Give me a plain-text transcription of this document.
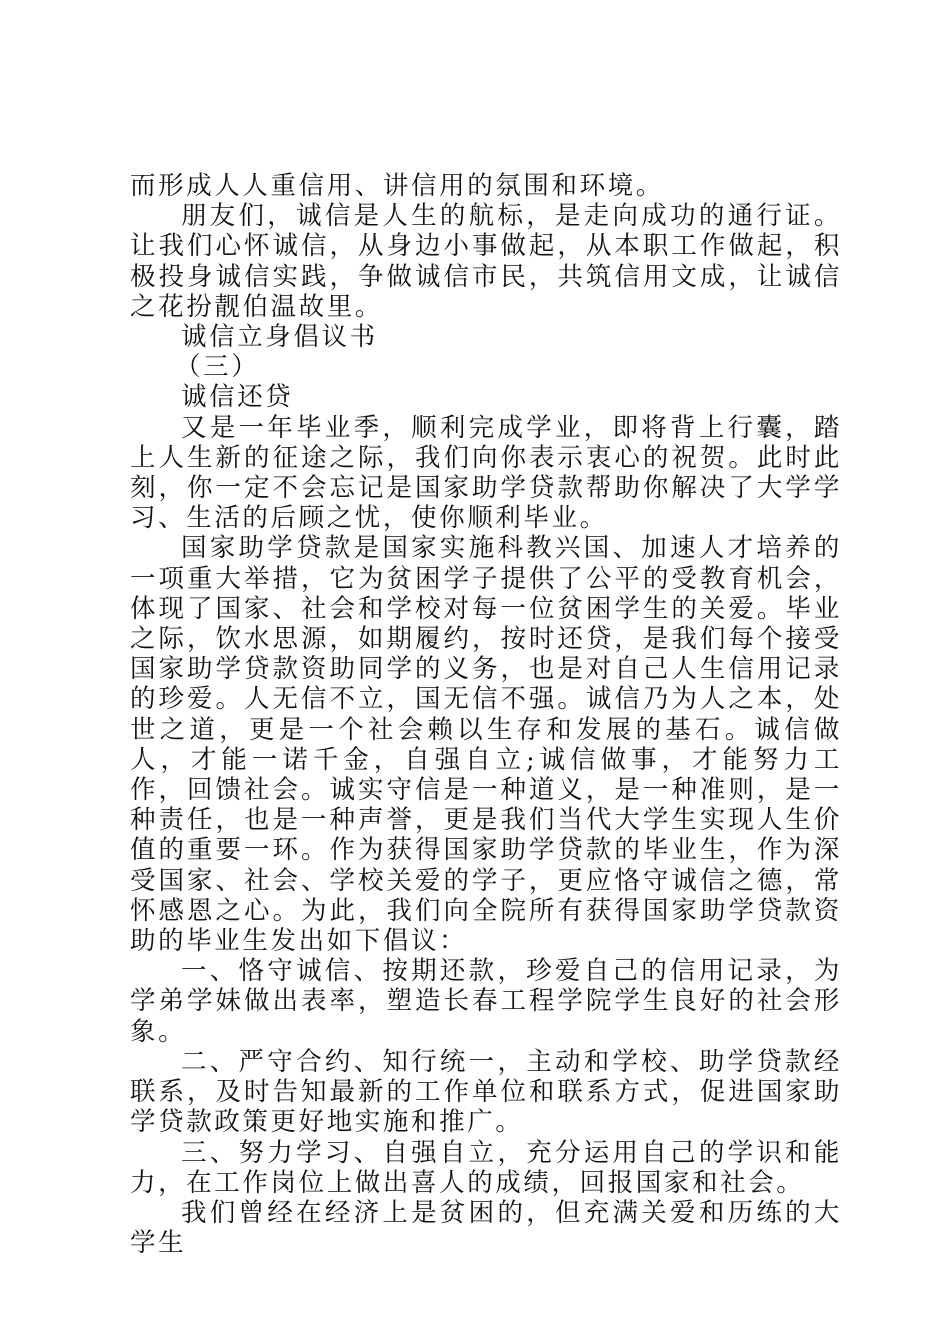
而形成人人重信用、讲信用的氛围和环境。

朋友们，诚信是人生的航标，是走向成功的通行证。让我们心怀诚信，从身边小事做起，从本职工作做起，积极投身诚信实践，争做诚信市民，共筑信用文成，让诚信之花扮靓伯温故里。

诚信立身倡议书

（三）

诚信还贷

又是一年毕业季，顺利完成学业，即将背上行囊，踏上人生新的征途之际，我们向你表示衷心的祝贺。此时此刻，你一定不会忘记是国家助学贷款帮助你解决了大学学习、生活的后顾之忧，使你顺利毕业。

国家助学贷款是国家实施科教兴国、加速人才培养的一项重大举措，它为贫困学子提供了公平的受教育机会，体现了国家、社会和学校对每一位贫困学生的关爱。毕业之际，饮水思源，如期履约，按时还贷，是我们每个接受国家助学贷款资助同学的义务，也是对自己人生信用记录的珍爱。人无信不立，国无信不强。诚信乃为人之本，处世之道，更是一个社会赖以生存和发展的基石。诚信做人，才能一诺千金，自强自立;诚信做事，才能努力工作，回馈社会。诚实守信是一种道义，是一种准则，是一种责任，也是一种声誉，更是我们当代大学生实现人生价值的重要一环。作为获得国家助学贷款的毕业生，作为深受国家、社会、学校关爱的学子，更应恪守诚信之德，常怀感恩之心。为此，我们向全院所有获得国家助学贷款资助的毕业生发出如下倡议：

一、恪守诚信、按期还款，珍爱自己的信用记录，为学弟学妹做出表率，塑造长春工程学院学生良好的社会形象。

二、严守合约、知行统一，主动和学校、助学贷款经联系，及时告知最新的工作单位和联系方式，促进国家助学贷款政策更好地实施和推广。

三、努力学习、自强自立，充分运用自己的学识和能力，在工作岗位上做出喜人的成绩，回报国家和社会。

我们曾经在经济上是贫困的，但充满关爱和历练的大学生
